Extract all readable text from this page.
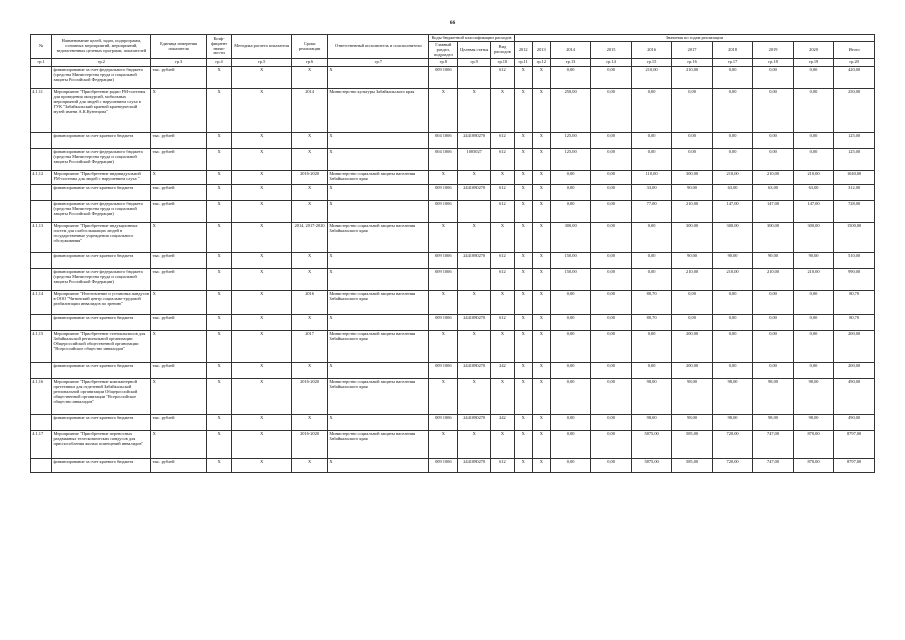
66
№	Наименование целей, задач, подпрограмм, основных мероприятий, мероприятий, ведомственных целевых программ, показателей	Единица измерения показателя	Коэф-фициент значи-мости	Методика расчета показателя	Сроки реализации	Ответственный исполнитель и соисполнители	Коды бюджетной классификации расходов			Значения по годам реализации									
							Главный раздел, подраздел	Целевая статья	Вид расходов	2012	2013	2014	2015	2016	2017	2018	2019	2020	Итого
гр.1	гр.2	гр.3	гр.4	гр.5	гр.6	гр.7	гр.8	гр.9	гр.10	гр.11	гр.12	гр.13	гр.14	гр.15	гр.16	гр.17	гр.18	гр.19	гр.20
	финансирование за счет федерального бюджета (средства Министерства труда и социальной защиты Российской Федерации)	тыс. рублей	X	X	X	X	009 1006		612	X	X	0,00	0,00	210,00	210,00	0,00	0,00	0,00	420,00
4.1.11	Мероприятие "Приобретение радио FM-системы для проведения экскурсий, мобильных мероприятий для людей с нарушением слуха в ГУК "Забайкальский краевой краеведческий музей имени А.К.Кузнецова"	X	X	X	2014	Министерство культуры Забайкальского края	X	X	X	X	X	250,00	0,00	0,00	0,00	0,00	0,00	0,00	250,00
	финансирование за счет краевого бюджета	тыс. рублей	X	X	X	X	004 1006	2441080270	612	X	X	125,00	0,00	0,00	0,00	0,00	0,00	0,00	125,00
	финансирование за счет федерального бюджета (средства Министерства труда и социальной защиты Российской Федерации)	тыс. рублей	X	X	X	X	004 1006	1005027	612	X	X	125,00	0,00	0,00	0,00	0,00	0,00	0,00	125,00
4.1.12	Мероприятие "Приобретение индивидуальной FM-системы для людей с нарушением слуха "	X	X	X	2016-2020	Министерство социальной защиты населения Забайкальского края	X	X	X	X	X	0,00	0,00	110,00	300,00	210,00	210,00	210,00	1040,00
	финансирование за счет краевого бюджета	тыс. рублей	X	X	X	X	009 1006	2441080270	612	X	X	0,00	0,00	33,00	90,00	63,00	63,00	63,00	312,00
	финансирование за счет федерального бюджета (средства Министерства труда и социальной защиты Российской Федерации)	тыс. рублей	X	X	X	X	009 1006		612	X	X	0,00	0,00	77,00	210,00	147,00	147,00	147,00	728,00
4.1.13	Мероприятие "Приобретение индукционных систем для слабослышащих людей в государственные учреждения социального обслуживания"	X	X	X	2014, 2017-2020	Министерство социальной защиты населения Забайкальского края	X	X	X	X	X	300,00	0,00	0,00	300,00	300,00	300,00	300,00	1500,00
	финансирование за счет краевого бюджета	тыс. рублей	X	X	X	X	009 1006	2441080270	612	X	X	150,00	0,00	0,00	90,00	90,00	90,00	90,00	510,00
	финансирование за счет федерального бюджета (средства Министерства труда и социальной защиты Российской Федерации)	тыс. рублей	X	X	X	X	009 1006		612	X	X	150,00	0,00	0,00	210,00	210,00	210,00	210,00	990,00
4.1.14	Мероприятие "Изготовление и установка пандусов в ООО "Читинский центр социально-трудовой реабилитации инвалидов по зрению"	X	X	X	2016	Министерство социальной защиты населения Забайкальского края	X	X	X	X	X	0,00	0,00	80,70	0,00	0,00	0,00	0,00	80,70
	финансирование за счет краевого бюджета	тыс. рублей	X	X	X	X	009 1006	2441080270	612	X	X	0,00	0,00	80,70	0,00	0,00	0,00	0,00	80,70
4.1.15	Мероприятие "Приобретение стеноклыэисов для Забайкальской региональной организации Общероссийской общественной организации "Всероссийское общество инвалидов"	X	X	X	2017	Министерство социальной защиты населения Забайкальского края	X	X	X	X	X	0,00	0,00	0,00	200,00	0,00	0,00	0,00	200,00
	финансирование за счет краевого бюджета	тыс. рублей	X	X	X	X	009 1006	2441080270	242	X	X	0,00	0,00	0,00	200,00	0,00	0,00	0,00	200,00
4.1.16	Мероприятие "Приобретение компьютерной оргтехники для отделений Забайкальской региональной организации Общероссийской общественной организации "Всероссийское общество инвалидов"	X	X	X	2016-2020	Министерство социальной защиты населения Забайкальского края	X	X	X	X	X	0,00	0,00	98,00	98,00	98,00	98,00	98,00	490,00
	финансирование за счет краевого бюджета	тыс. рублей	X	X	X	X	009 1006	2441080270	242	X	X	0,00	0,00	98,00	98,00	98,00	98,00	98,00	490,00
4.1.17	Мероприятие "Приобретение переносных раздвижных телескопических пандусов для приспособления жилых помещений инвалидов"	X	X	X	2016-2020	Министерство социальной защиты населения Забайкальского края	X	X	X	X	X	0,00	0,00	5875,00	585,00	720,00	747,00	870,00	8797,00
	финансирование за счет краевого бюджета	тыс. рублей	X	X	X	X	009 1006	2441080270	612	X	X	0,00	0,00	5875,00	585,00	720,00	747,00	870,00	8797,00
